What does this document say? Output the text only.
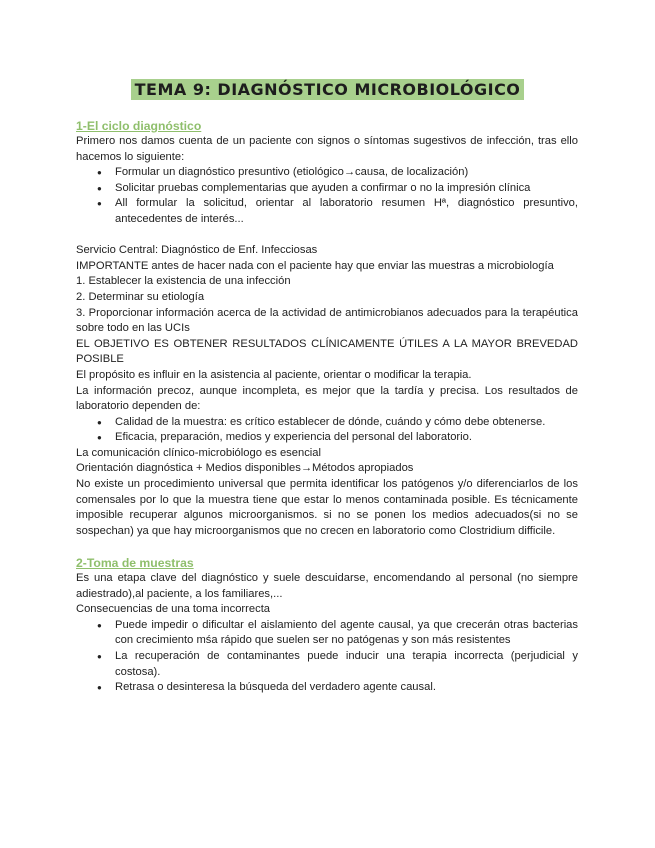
TEMA 9: DIAGNÓSTICO MICROBIOLÓGICO
1-El ciclo diagnóstico

Primero nos damos cuenta de un paciente con signos o síntomas sugestivos de infección, tras ello hacemos lo siguiente:

● Formular un diagnóstico presuntivo (etiológico→causa, de localización)
● Solicitar pruebas complementarias que ayuden a confirmar o no la impresión clínica
● All formular la solicitud, orientar al laboratorio resumen Hª, diagnóstico presuntivo, antecedentes de interés...

Servicio Central: Diagnóstico de Enf. Infecciosas

IMPORTANTE antes de hacer nada con el paciente hay que enviar las muestras a microbiología

1. Establecer la existencia de una infección

2. Determinar su etiología

3. Proporcionar información acerca de la actividad de antimicrobianos adecuados para la terapéutica sobre todo en las UCIs

EL OBJETIVO ES OBTENER RESULTADOS CLÍNICAMENTE ÚTILES A LA MAYOR BREVEDAD POSIBLE

El propósito es influir en la asistencia al paciente, orientar o modificar la terapia.

La información precoz, aunque incompleta, es mejor que la tardía y precisa. Los resultados de laboratorio dependen de:

● Calidad de la muestra: es crítico establecer de dónde, cuándo y cómo debe obtenerse.
● Eficacia, preparación, medios y experiencia del personal del laboratorio.

La comunicación clínico-microbiólogo es esencial

Orientación diagnóstica + Medios disponibles→Métodos apropiados

No existe un procedimiento universal que permita identificar los patógenos y/o diferenciarlos de los comensales por lo que la muestra tiene que estar lo menos contaminada posible. Es técnicamente imposible recuperar algunos microorganismos. si no se ponen los medios adecuados(si no se sospechan) ya que hay microorganismos que no crecen en laboratorio como Clostridium difficile.

2-Toma de muestras

Es una etapa clave del diagnóstico y suele descuidarse, encomendando al personal (no siempre adiestrado),al paciente, a los familiares,...

Consecuencias de una toma incorrecta

● Puede impedir o dificultar el aislamiento del agente causal, ya que crecerán otras bacterias con crecimiento mśa rápido que suelen ser no patógenas y son más resistentes
● La recuperación de contaminantes puede inducir una terapia incorrecta (perjudicial y costosa).
● Retrasa o desinteresa la búsqueda del verdadero agente causal.
